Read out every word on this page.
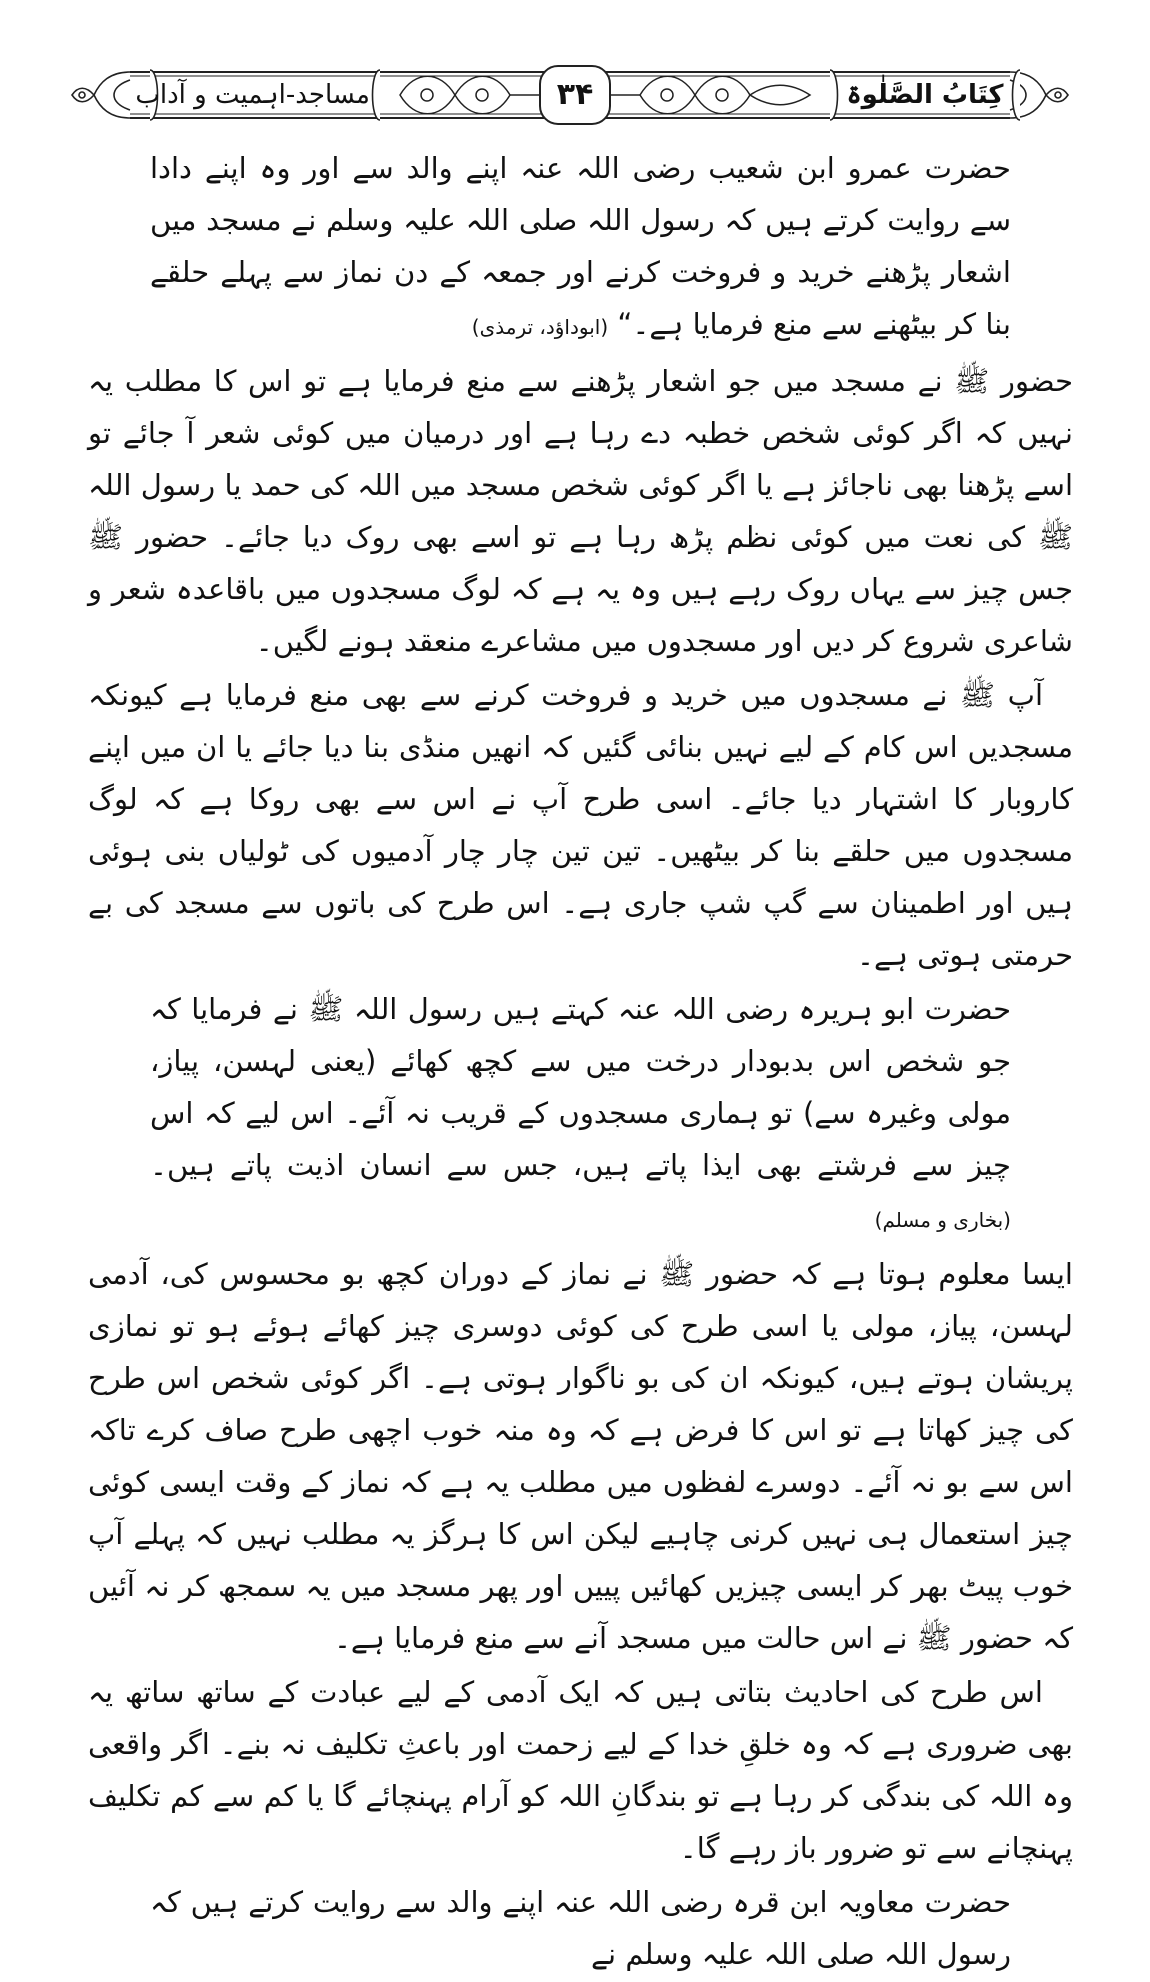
کِتَابُ الصَّلٰوۃ
۳۴
مساجد-اہمیت و آداب

حضرت عمرو ابن شعیب رضی اللہ عنہ اپنے والد سے اور وہ اپنے دادا سے روایت کرتے ہیں کہ رسول اللہ صلی اللہ علیہ وسلم نے مسجد میں اشعار پڑھنے خرید و فروخت کرنے اور جمعہ کے دن نماز سے پہلے حلقے بنا کر بیٹھنے سے منع فرمایا ہے۔“ (ابوداؤد، ترمذی)

حضور ﷺ نے مسجد میں جو اشعار پڑھنے سے منع فرمایا ہے تو اس کا مطلب یہ نہیں کہ اگر کوئی شخص خطبہ دے رہا ہے اور درمیان میں کوئی شعر آ جائے تو اسے پڑھنا بھی ناجائز ہے یا اگر کوئی شخص مسجد میں اللہ کی حمد یا رسول اللہ ﷺ کی نعت میں کوئی نظم پڑھ رہا ہے تو اسے بھی روک دیا جائے۔ حضور ﷺ جس چیز سے یہاں روک رہے ہیں وہ یہ ہے کہ لوگ مسجدوں میں باقاعدہ شعر و شاعری شروع کر دیں اور مسجدوں میں مشاعرے منعقد ہونے لگیں۔

آپ ﷺ نے مسجدوں میں خرید و فروخت کرنے سے بھی منع فرمایا ہے کیونکہ مسجدیں اس کام کے لیے نہیں بنائی گئیں کہ انھیں منڈی بنا دیا جائے یا ان میں اپنے کاروبار کا اشتہار دیا جائے۔ اسی طرح آپ نے اس سے بھی روکا ہے کہ لوگ مسجدوں میں حلقے بنا کر بیٹھیں۔ تین تین چار چار آدمیوں کی ٹولیاں بنی ہوئی ہیں اور اطمینان سے گپ شپ جاری ہے۔ اس طرح کی باتوں سے مسجد کی بے حرمتی ہوتی ہے۔

حضرت ابو ہریرہ رضی اللہ عنہ کہتے ہیں رسول اللہ ﷺ نے فرمایا کہ جو شخص اس بدبودار درخت میں سے کچھ کھائے (یعنی لہسن، پیاز، مولی وغیرہ سے) تو ہماری مسجدوں کے قریب نہ آئے۔ اس لیے کہ اس چیز سے فرشتے بھی ایذا پاتے ہیں، جس سے انسان اذیت پاتے ہیں۔ (بخاری و مسلم)

ایسا معلوم ہوتا ہے کہ حضور ﷺ نے نماز کے دوران کچھ بو محسوس کی، آدمی لہسن، پیاز، مولی یا اسی طرح کی کوئی دوسری چیز کھائے ہوئے ہو تو نمازی پریشان ہوتے ہیں، کیونکہ ان کی بو ناگوار ہوتی ہے۔ اگر کوئی شخص اس طرح کی چیز کھاتا ہے تو اس کا فرض ہے کہ وہ منہ خوب اچھی طرح صاف کرے تاکہ اس سے بو نہ آئے۔ دوسرے لفظوں میں مطلب یہ ہے کہ نماز کے وقت ایسی کوئی چیز استعمال ہی نہیں کرنی چاہیے لیکن اس کا ہرگز یہ مطلب نہیں کہ پہلے آپ خوب پیٹ بھر کر ایسی چیزیں کھائیں پییں اور پھر مسجد میں یہ سمجھ کر نہ آئیں کہ حضور ﷺ نے اس حالت میں مسجد آنے سے منع فرمایا ہے۔

اس طرح کی احادیث بتاتی ہیں کہ ایک آدمی کے لیے عبادت کے ساتھ ساتھ یہ بھی ضروری ہے کہ وہ خلقِ خدا کے لیے زحمت اور باعثِ تکلیف نہ بنے۔ اگر واقعی وہ اللہ کی بندگی کر رہا ہے تو بندگانِ اللہ کو آرام پہنچائے گا یا کم سے کم تکلیف پہنچانے سے تو ضرور باز رہے گا۔

حضرت معاویہ ابن قرہ رضی اللہ عنہ اپنے والد سے روایت کرتے ہیں کہ رسول اللہ صلی اللہ علیہ وسلم نے
